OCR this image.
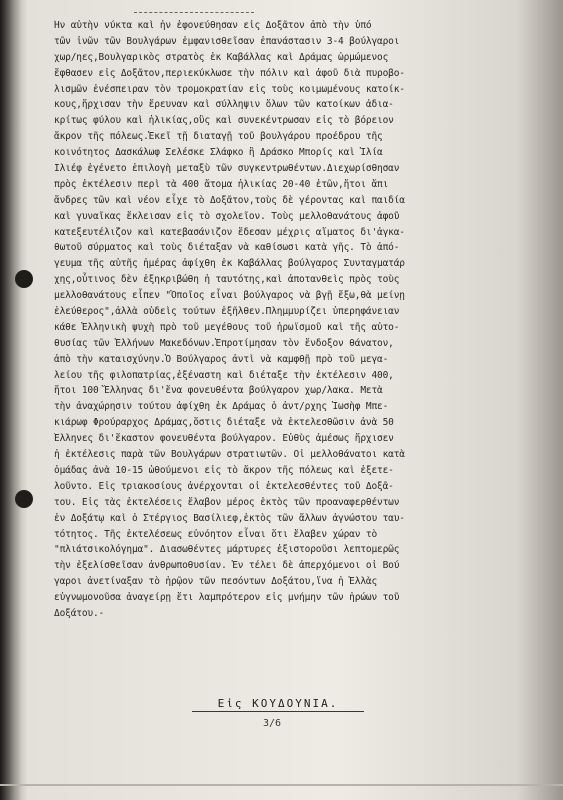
Ἡν αὐτὴν νύκτα καὶ ἡν ἐφονεύθησαν εἰς Δοξᾶτον ἀπὸ τὴν ὑπό
τῶν ἰνῶν τῶν Βουλγάρων ἐμφανισθεῖσαν ἐπανάστασιν 3-4 βούλγαροι
χωρ/ηες,Βουλγαρικὸς στρατὸς ἐκ Καβάλλας καὶ Δράμας ὡρμώμενος
ἔφθασεν εἰς Δοξᾶτον,περιεκύκλωσε τὴν πόλιν καὶ ἀφοῦ διὰ πυροβο-
λισμῶν ἐνέσπειραν τὸν τρομοκρατίαν εἰς τοὺς κοιμωμένους κατοίκ-
κους,ἤρχισαν τὴν ἔρευναν καὶ σύλληψιν ὅλων τῶν κατοίκων ἀδια-
κρίτως φύλου καὶ ἡλικίας,οὓς καὶ συνεκέντρωσαν εἰς τὸ βόρειον
ἄκρον τῆς πόλεως.Ἐκεῖ τῇ διαταγῇ τοῦ βουλγάρου προέδρου τῆς
κοινότητος Δασκάλωφ Σελέσκε Σλάφκο ἢ Δράσκο Μπορίς καὶ Ἰλία
Ιλιέφ ἐγένετο ἐπιλογὴ μεταξὺ τῶν συγκεντρωθέντων.Διεχωρίσθησαν
πρὸς ἐκτέλεσιν περὶ τὰ 400 ἄτομα ἡλικίας 20-40 ἐτῶν,ἤτοι ἅπι
ἄνδρες τῶν καὶ νέον εἶχε τὸ Δοξᾶτον,τοὺς δὲ γέροντας καὶ παιδία
καὶ γυναῖκας ἔκλεισαν εἰς τὸ σχολεῖον. Τοὺς μελλοθανάτους ἀφοῦ
κατεξευτέλιζον καὶ κατεβασάνιζον ἔδεσαν μέχρις αἵματος δι'ἀγκα-
θωτοῦ σύρματος καὶ τοὺς διέταξαν νὰ καθίσωσι κατὰ γῆς. Τὸ ἀπό-
γευμα τῆς αὐτῆς ἡμέρας ἀφίχθη ἐκ Καβάλλας βούλγαρος Συνταγματάρ
χης,οὗτινος δὲν ἐξηκριβώθη ἡ ταυτότης,καὶ ἀποτανθεὶς πρὸς τοὺς
μελλοθανάτους εἶπεν "Ὁποῖος εἶναι βούλγαρος νὰ βγῇ ἔξω,θὰ μείνῃ
ἐλεύθερος",ἀλλὰ οὐδεὶς τούτων ἐξῆλθεν.Πλημμυρίζει ὑπερηφάνειαν
κάθε Ἑλληνικὴ ψυχὴ πρὸ τοῦ μεγέθους τοῦ ἡρωϊσμοῦ καὶ τῆς αὐτο-
θυσίας τῶν Ἑλλήνων Μακεδόνων.Ἐπροτίμησαν τὸν ἔνδοξον θάνατον,
ἀπὸ τὴν καταισχύνην.Ὁ Βούλγαρος ἀντὶ νὰ καμφθῇ πρὸ τοῦ μεγα-
λείου τῆς φιλοπατρίας,ἐξέναστη καὶ διέταξε τὴν ἐκτέλεσιν 400,
ἤτοι 100 Ἕλληνας δι'ἕνα φονευθέντα βούλγαρον χωρ/λακα. Μετὰ
τὴν ἀναχώρησιν τούτου ἀφίχθη ἐκ Δράμας ὁ ἀντ/ρχης Ἰωσὴφ Μπε-
κιάρωφ Φρούραρχος Δράμας,ὅστις διέταξε νὰ ἐκτελεσθῶσιν ἀνὰ 50
Ἕλληνες δι'ἕκαστον φονευθέντα βούλγαρον. Εὐθὺς ἀμέσως ἤρχισεν
ἡ ἐκτέλεσις παρὰ τῶν Βουλγάρων στρατιωτῶν. Οἱ μελλοθάνατοι κατὰ
ὁμάδας ἀνὰ 10-15 ὡθούμενοι εἰς τὸ ἄκρον τῆς πόλεως καὶ ἐξετε-
λοῦντο. Εἰς τριακοσίους ἀνέρχονται οἱ ἐκτελεσθέντες τοῦ Δοξᾶ-
του. Εἰς τὰς ἐκτελέσεις ἔλαβον μέρος ἐκτὸς τῶν προαναφερθέντων
ἐν Δοξάτῳ καὶ ὁ Στέργιος Βασίλιεφ,ἐκτὸς τῶν ἄλλων ἀγνώστου ταυ-
τότητος. Τῆς ἐκτελέσεως εὐνόητον εἶναι ὅτι ἔλαβεν χώραν τὸ
"πλιάτσικολόγημα". Διασωθέντες μάρτυρες ἐξιστοροῦσι λεπτομερῶς
τὴν ἐξελίσθεῖσαν ἀνθρωποθυσίαν. Ἐν τέλει δὲ ἀπερχόμενοι οἱ Βού
γαροι ἀνετίναξαν τὸ ἡρῷον τῶν πεσόντων Δοξάτου,ἵνα ἡ Ἑλλὰς
εὐγνωμονοῦσα ἀναγείρῃ ἔτι λαμπρότερον εἰς μνήμην τῶν ἡρώων τοῦ
Δοξάτου.-
Εἰς ΚΟΥΔΟΥΝΙΑ.
3/6
